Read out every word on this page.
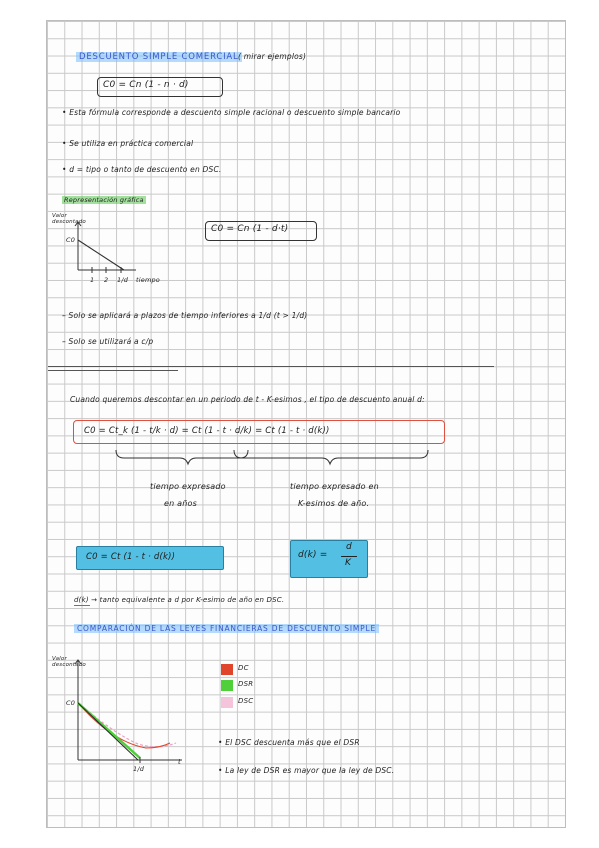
DESCUENTO SIMPLE COMERCIAL ( mirar ejemplos)
C0 = Cn (1 - n · d)
• Esta fórmula corresponde a descuento simple racional o descuento simple bancario
• Se utiliza en práctica comercial
• d = tipo o tanto de descuento en DSC.
Representación gráfica
Valor descontado
C0
1 2 1/d tiempo
C0 = Cn (1 - d·t)
– Solo se aplicará a plazos de tiempo inferiores a 1/d (t > 1/d)
– Solo se utilizará a c/p
Cuando queremos descontar en un periodo de t - K-esimos , el tipo de descuento anual d:
C0 = Ct_k (1 - t/k · d) = Ct (1 - t · d/k) = Ct (1 - t · d(k))
tiempo expresado
en años
tiempo expresado en
K-esimos de año.
C0 = Ct (1 - t · d(k))	d(k) =
d
K
d(k) → tanto equivalente a d por K-esimo de año en DSC.
COMPARACIÓN DE LAS LEYES FINANCIERAS DE DESCUENTO SIMPLE
Valor descontado
C0
1/d
t
DC
DSR
DSC
• El DSC descuenta más que el DSR
• La ley de DSR es mayor que la ley de DSC.
